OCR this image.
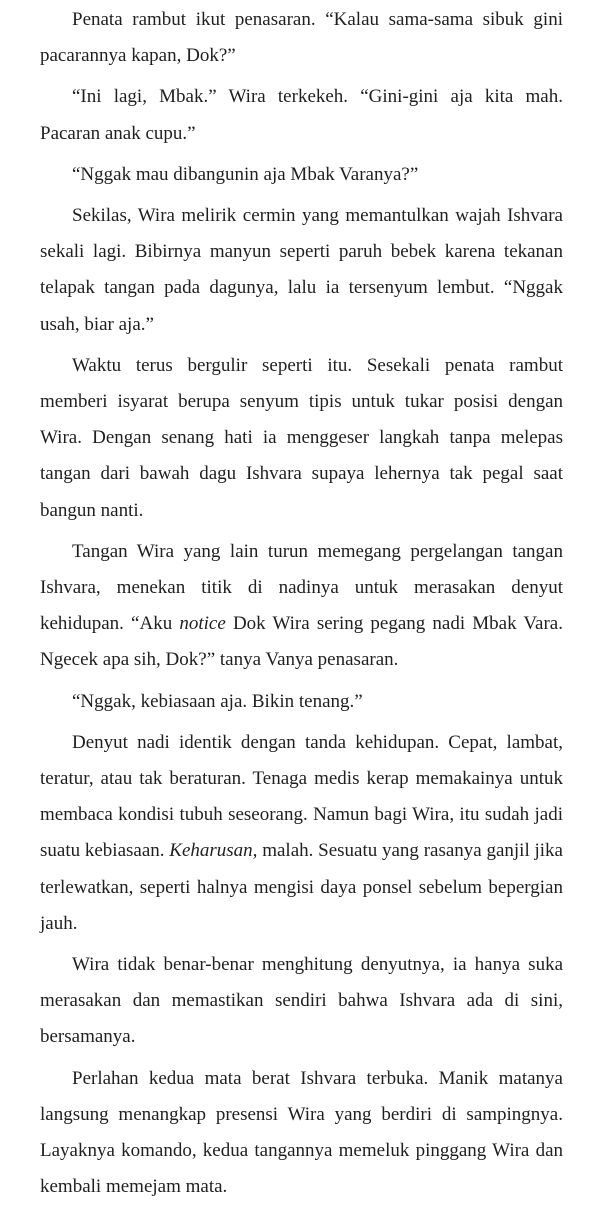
Penata rambut ikut penasaran. “Kalau sama-sama sibuk gini pacarannya kapan, Dok?”

“Ini lagi, Mbak.” Wira terkekeh. “Gini-gini aja kita mah. Pacaran anak cupu.”

“Nggak mau dibangunin aja Mbak Varanya?”

Sekilas, Wira melirik cermin yang memantulkan wajah Ishvara sekali lagi. Bibirnya manyun seperti paruh bebek karena tekanan telapak tangan pada dagunya, lalu ia tersenyum lembut. “Nggak usah, biar aja.”

Waktu terus bergulir seperti itu. Sesekali penata rambut memberi isyarat berupa senyum tipis untuk tukar posisi dengan Wira. Dengan senang hati ia menggeser langkah tanpa melepas tangan dari bawah dagu Ishvara supaya lehernya tak pegal saat bangun nanti.

Tangan Wira yang lain turun memegang pergelangan tangan Ishvara, menekan titik di nadinya untuk merasakan denyut kehidupan. “Aku notice Dok Wira sering pegang nadi Mbak Vara. Ngecek apa sih, Dok?” tanya Vanya penasaran.

“Nggak, kebiasaan aja. Bikin tenang.”

Denyut nadi identik dengan tanda kehidupan. Cepat, lambat, teratur, atau tak beraturan. Tenaga medis kerap memakainya untuk membaca kondisi tubuh seseorang. Namun bagi Wira, itu sudah jadi suatu kebiasaan. Keharusan, malah. Sesuatu yang rasanya ganjil jika terlewatkan, seperti halnya mengisi daya ponsel sebelum bepergian jauh.

Wira tidak benar-benar menghitung denyutnya, ia hanya suka merasakan dan memastikan sendiri bahwa Ishvara ada di sini, bersamanya.

Perlahan kedua mata berat Ishvara terbuka. Manik matanya langsung menangkap presensi Wira yang berdiri di sampingnya. Layaknya komando, kedua tangannya memeluk pinggang Wira dan kembali memejam mata.
